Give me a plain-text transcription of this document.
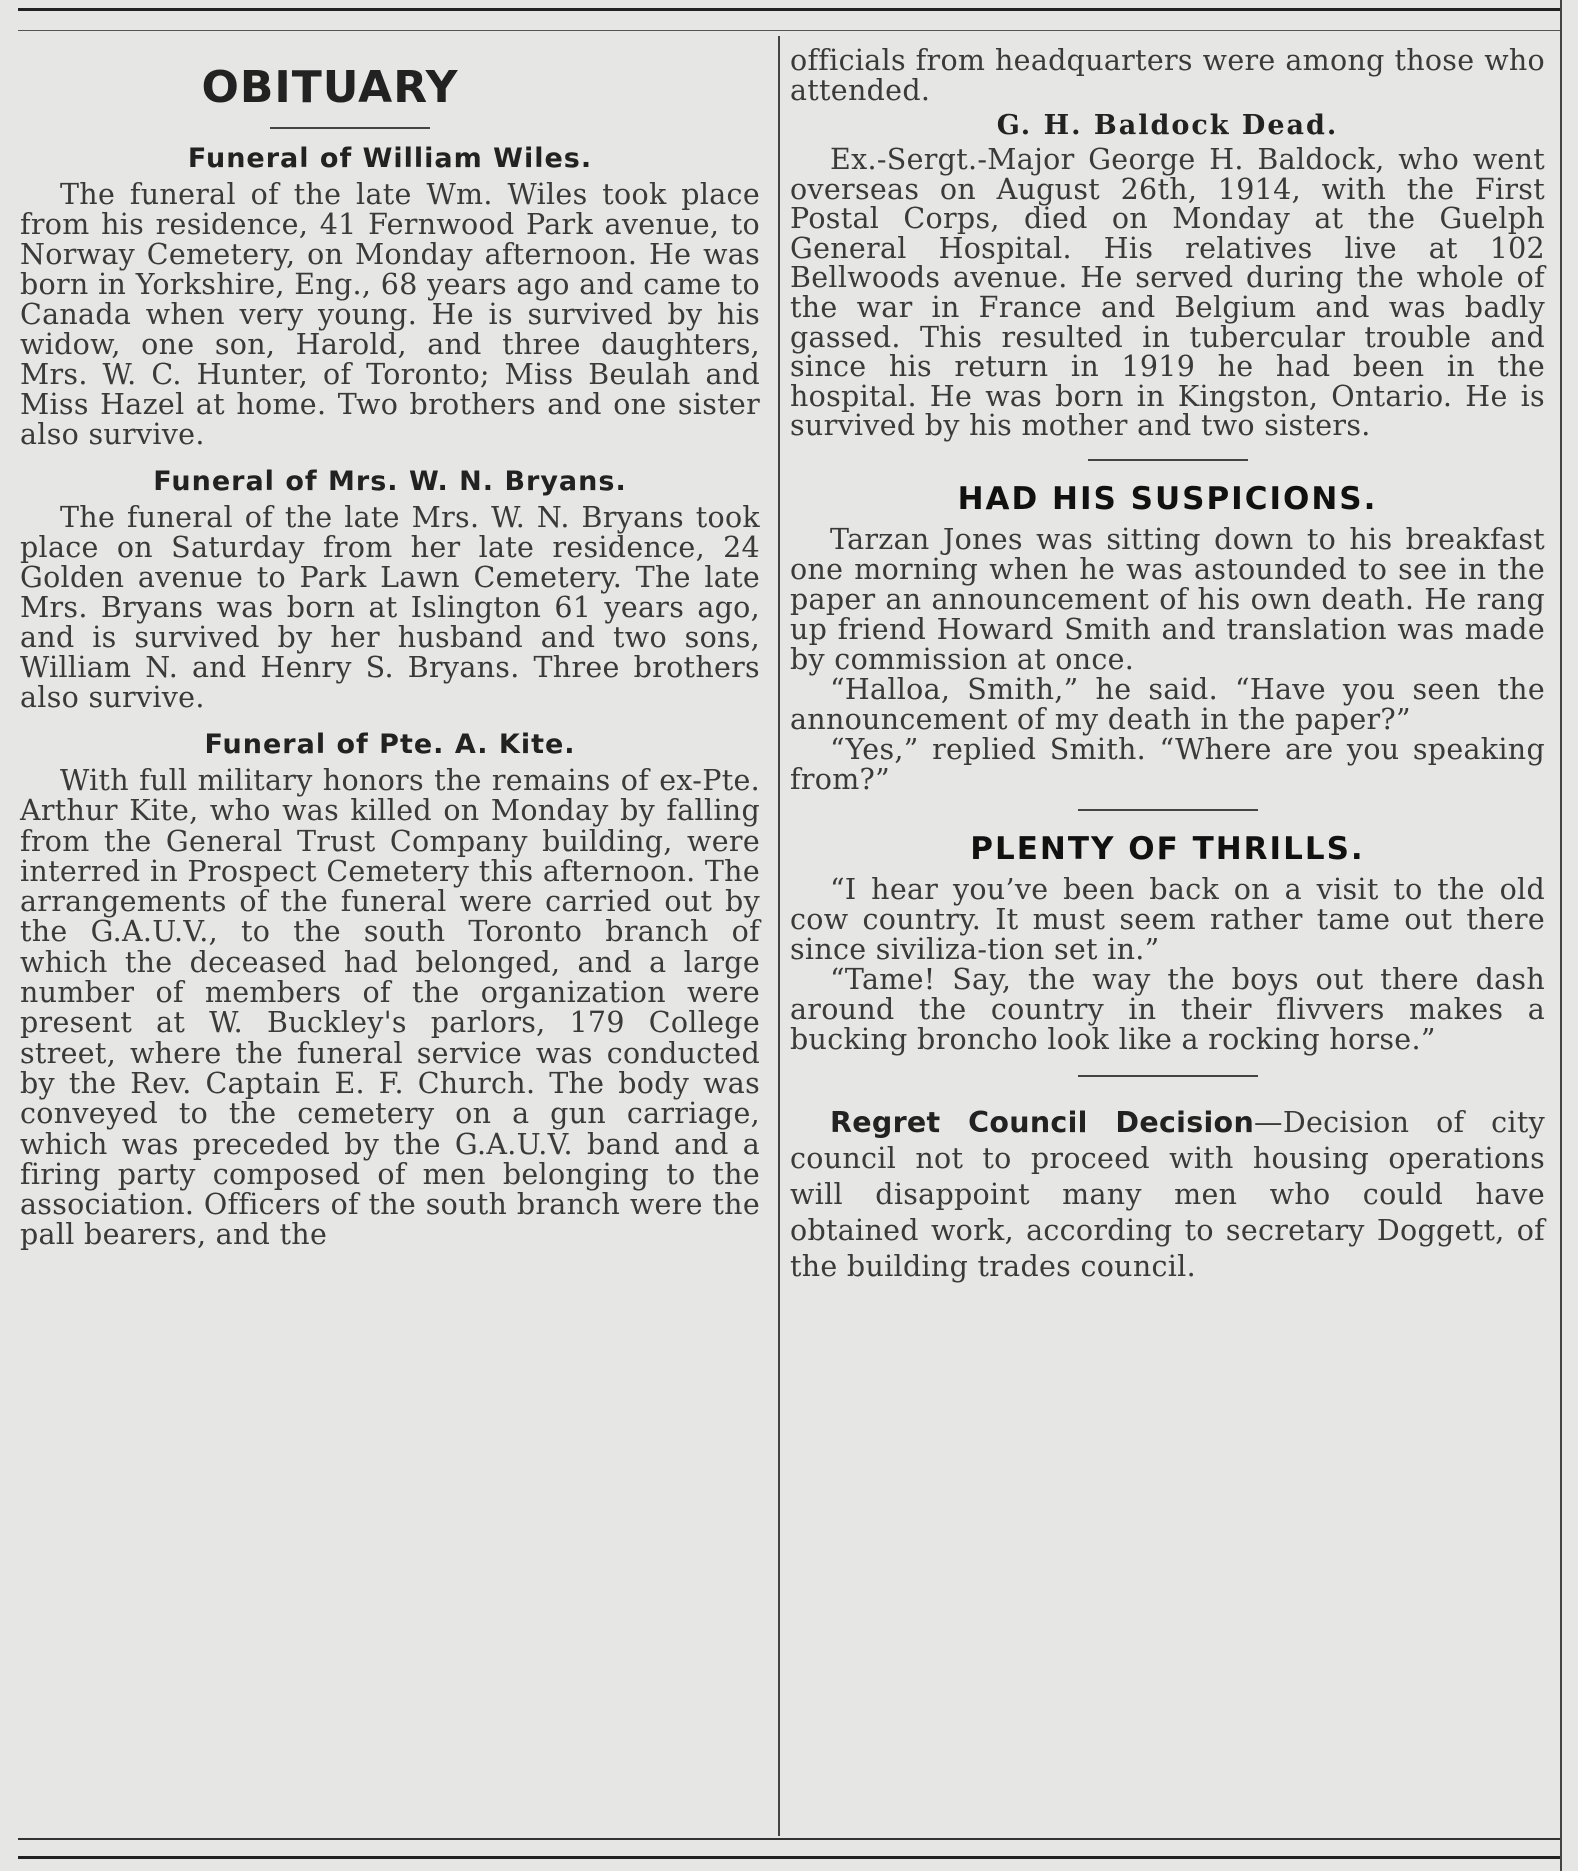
OBITUARY
Funeral of William Wiles.

The funeral of the late Wm. Wiles took place from his residence, 41 Fernwood Park avenue, to Norway Cemetery, on Monday afternoon. He was born in Yorkshire, Eng., 68 years ago and came to Canada when very young. He is survived by his widow, one son, Harold, and three daughters, Mrs. W. C. Hunter, of Toronto; Miss Beulah and Miss Hazel at home. Two brothers and one sister also survive.

Funeral of Mrs. W. N. Bryans.

The funeral of the late Mrs. W. N. Bryans took place on Saturday from her late residence, 24 Golden avenue to Park Lawn Cemetery. The late Mrs. Bryans was born at Islington 61 years ago, and is survived by her husband and two sons, William N. and Henry S. Bryans. Three brothers also survive.

Funeral of Pte. A. Kite.

With full military honors the remains of ex-Pte. Arthur Kite, who was killed on Monday by falling from the General Trust Company building, were interred in Prospect Cemetery this afternoon. The arrangements of the funeral were carried out by the G.A.U.V., to the south Toronto branch of which the deceased had belonged, and a large number of members of the organization were present at W. Buckley's parlors, 179 College street, where the funeral service was conducted by the Rev. Captain E. F. Church. The body was conveyed to the cemetery on a gun carriage, which was preceded by the G.A.U.V. band and a firing party composed of men belonging to the association. Officers of the south branch were the pall bearers, and the

officials from headquarters were among those who attended.

G. H. Baldock Dead.

Ex.-Sergt.-Major George H. Baldock, who went overseas on August 26th, 1914, with the First Postal Corps, died on Monday at the Guelph General Hospital. His relatives live at 102 Bellwoods avenue. He served during the whole of the war in France and Belgium and was badly gassed. This resulted in tubercular trouble and since his return in 1919 he had been in the hospital. He was born in Kingston, Ontario. He is survived by his mother and two sisters.

HAD HIS SUSPICIONS.

Tarzan Jones was sitting down to his breakfast one morning when he was astounded to see in the paper an announcement of his own death. He rang up friend Howard Smith and translation was made by commission at once.

“Halloa, Smith,” he said. “Have you seen the announcement of my death in the paper?”

“Yes,” replied Smith. “Where are you speaking from?”

PLENTY OF THRILLS.

“I hear you’ve been back on a visit to the old cow country. It must seem rather tame out there since siviliza-tion set in.”

“Tame! Say, the way the boys out there dash around the country in their flivvers makes a bucking broncho look like a rocking horse.”

Regret Council Decision—Decision of city council not to proceed with housing operations will disappoint many men who could have obtained work, according to secretary Doggett, of the building trades council.
